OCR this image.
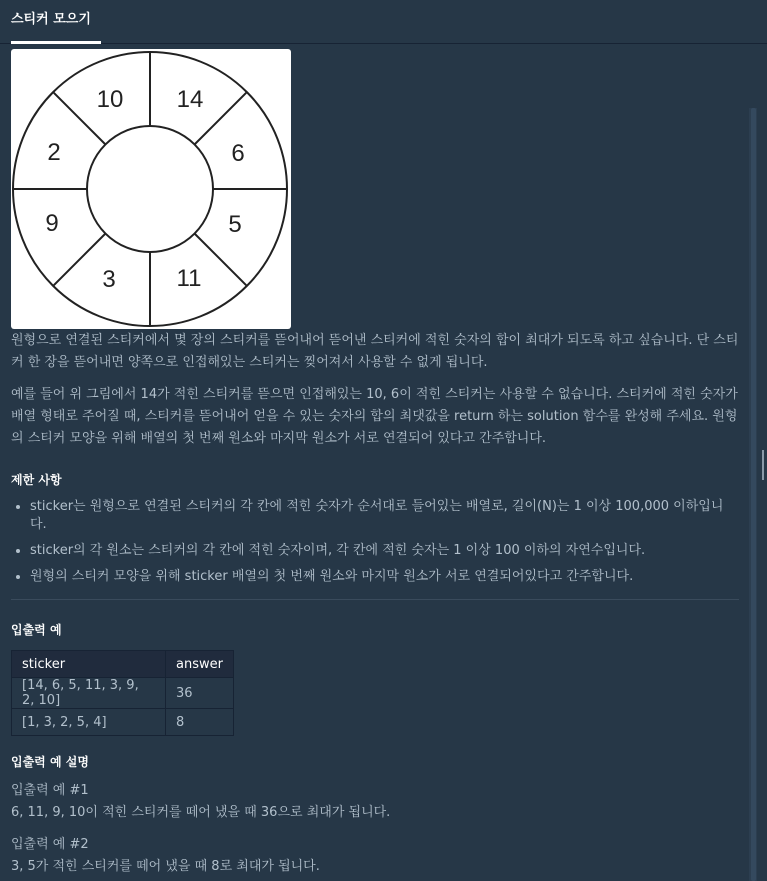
스티커 모으기(2)
14
6
5
11
3
9
2
10

원형으로 연결된 스티커에서 몇 장의 스티커를 뜯어내어 뜯어낸 스티커에 적힌 숫자의 합이 최대가 되도록 하고 싶습니다. 단 스티커 한 장을 뜯어내면 양쪽으로 인접해있는 스티커는 찢어져서 사용할 수 없게 됩니다.

예를 들어 위 그림에서 14가 적힌 스티커를 뜯으면 인접해있는 10, 6이 적힌 스티커는 사용할 수 없습니다. 스티커에 적힌 숫자가 배열 형태로 주어질 때, 스티커를 뜯어내어 얻을 수 있는 숫자의 합의 최댓값을 return 하는 solution 함수를 완성해 주세요. 원형의 스티커 모양을 위해 배열의 첫 번째 원소와 마지막 원소가 서로 연결되어 있다고 간주합니다.

제한 사항
• sticker는 원형으로 연결된 스티커의 각 칸에 적힌 숫자가 순서대로 들어있는 배열로, 길이(N)는 1 이상 100,000 이하입니다.
• sticker의 각 원소는 스티커의 각 칸에 적힌 숫자이며, 각 칸에 적힌 숫자는 1 이상 100 이하의 자연수입니다.
• 원형의 스티커 모양을 위해 sticker 배열의 첫 번째 원소와 마지막 원소가 서로 연결되어있다고 간주합니다.
입출력 예
sticker	answer
[14, 6, 5, 11, 3, 9, 2, 10]	36
[1, 3, 2, 5, 4]	8
입출력 예 설명

입출력 예 #1

6, 11, 9, 10이 적힌 스티커를 떼어 냈을 때 36으로 최대가 됩니다.

입출력 예 #2

3, 5가 적힌 스티커를 떼어 냈을 때 8로 최대가 됩니다.
